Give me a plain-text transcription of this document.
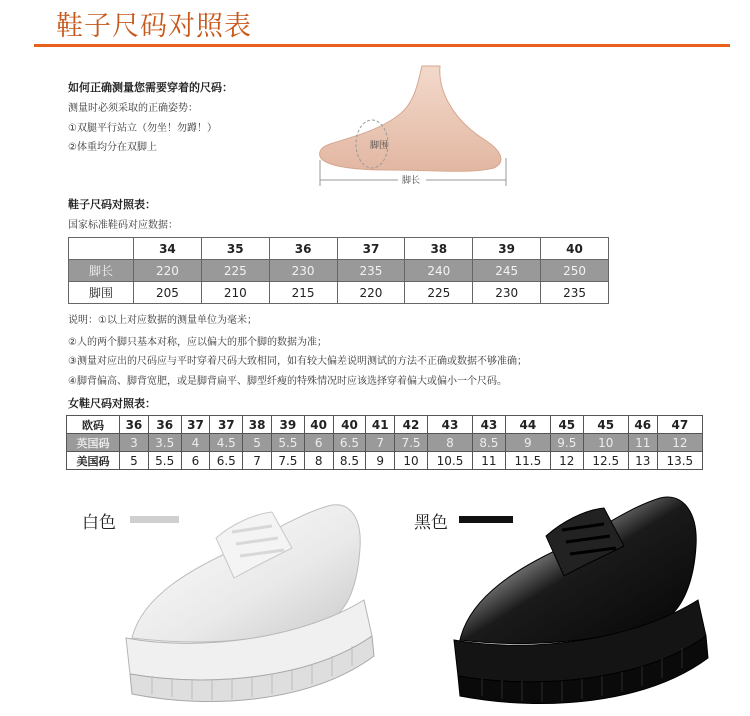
鞋子尺码对照表
如何正确测量您需要穿着的尺码：
测量时必须采取的正确姿势：
①双腿平行站立（勿坐！勿蹲！）
②体重均分在双脚上	脚围
脚长
鞋子尺码对照表：
国家标准鞋码对应数据：
	34	35	36	37	38	39	40
脚长	220	225	230	235	240	245	250
脚围	205	210	215	220	225	230	235
说明：①以上对应数据的测量单位为毫米；
②人的两个脚只基本对称，应以偏大的那个脚的数据为准；
③测量对应出的尺码应与平时穿着尺码大致相同，如有较大偏差说明测试的方法不正确或数据不够准确；
④脚背偏高、脚背宽肥，或是脚背扁平、脚型纤瘦的特殊情况时应该选择穿着偏大或偏小一个尺码。
女鞋尺码对照表：
欧码	36	36	37	37	38	39	40	40	41	42	43	43	44	45	45	46	47
英国码	3	3.5	4	4.5	5	5.5	6	6.5	7	7.5	8	8.5	9	9.5	10	11	12
美国码	5	5.5	6	6.5	7	7.5	8	8.5	9	10	10.5	11	11.5	12	12.5	13	13.5
白色	黑色
